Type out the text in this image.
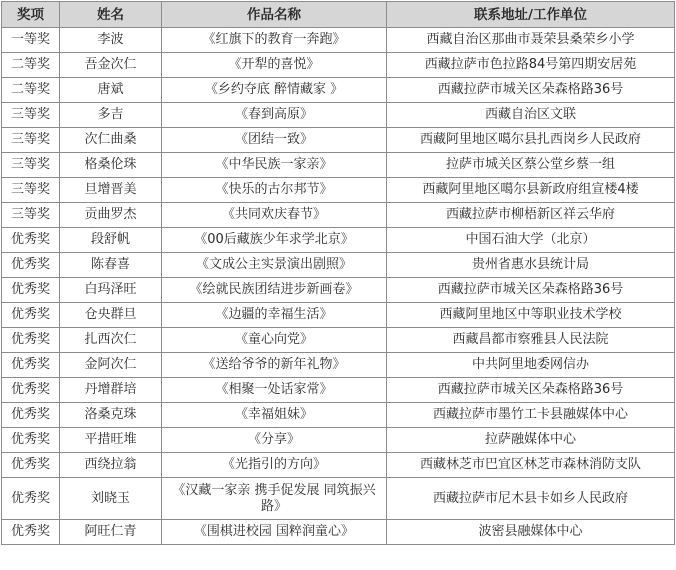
奖项	姓名	作品名称	联系地址/工作单位
一等奖	李波	《红旗下的教育一奔跑》	西藏自治区那曲市聂荣县桑荣乡小学
二等奖	吾金次仁	《开犁的喜悦》	西藏拉萨市色拉路84号第四期安居苑
二等奖	唐斌	《乡约夺底 醉情藏家 》	西藏拉萨市城关区朵森格路36号
三等奖	多吉	《春到高原》	西藏自治区文联
三等奖	次仁曲桑	《团结一致》	西藏阿里地区噶尔县扎西岗乡人民政府
三等奖	格桑伦珠	《中华民族一家亲》	拉萨市城关区蔡公堂乡蔡一组
三等奖	旦增晋美	《快乐的古尔邦节》	西藏阿里地区噶尔县新政府组宣楼4楼
三等奖	贡曲罗杰	《共同欢庆春节》	西藏拉萨市柳梧新区祥云华府
优秀奖	段舒帆	《00后藏族少年求学北京》	中国石油大学（北京）
优秀奖	陈春喜	《文成公主实景演出剧照》	贵州省惠水县统计局
优秀奖	白玛泽旺	《绘就民族团结进步新画卷》	西藏拉萨市城关区朵森格路36号
优秀奖	仓央群旦	《边疆的幸福生活》	西藏阿里地区中等职业技术学校
优秀奖	扎西次仁	《童心向党》	西藏昌都市察雅县人民法院
优秀奖	金阿次仁	《送给爷爷的新年礼物》	中共阿里地委网信办
优秀奖	丹增群培	《相聚一处话家常》	西藏拉萨市城关区朵森格路36号
优秀奖	洛桑克珠	《幸福姐妹》	西藏拉萨市墨竹工卡县融媒体中心
优秀奖	平措旺堆	《分享》	拉萨融媒体中心
优秀奖	西绕拉翁	《光指引的方向》	西藏林芝市巴宜区林芝市森林消防支队
优秀奖	刘晓玉	《汉藏一家亲 携手促发展 同筑振兴路》	西藏拉萨市尼木县卡如乡人民政府
优秀奖	阿旺仁青	《围棋进校园 国粹润童心》	波密县融媒体中心
